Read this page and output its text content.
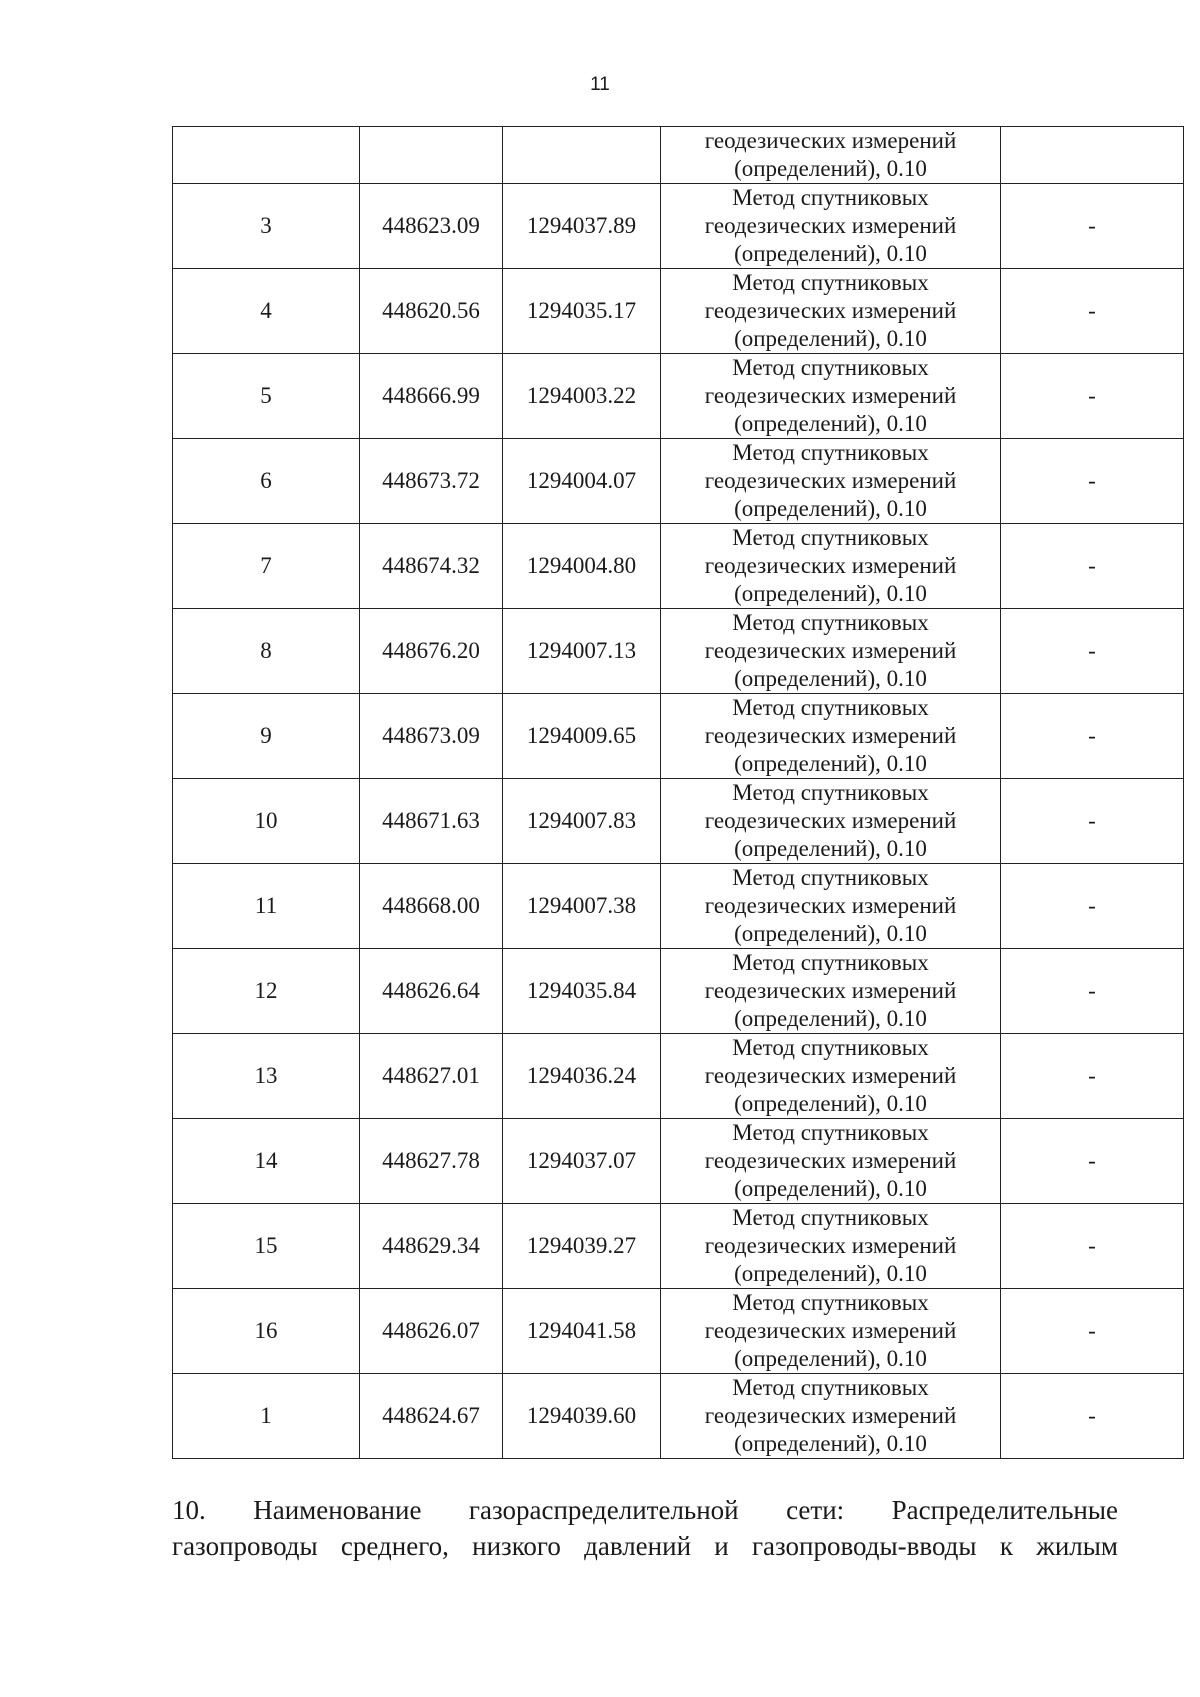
11

			геодезических измерений
(определений), 0.10	

3	448623.09	1294037.89	Метод спутниковых
геодезических измерений
(определений), 0.10	-
4	448620.56	1294035.17	Метод спутниковых
геодезических измерений
(определений), 0.10	-
5	448666.99	1294003.22	Метод спутниковых
геодезических измерений
(определений), 0.10	-
6	448673.72	1294004.07	Метод спутниковых
геодезических измерений
(определений), 0.10	-
7	448674.32	1294004.80	Метод спутниковых
геодезических измерений
(определений), 0.10	-
8	448676.20	1294007.13	Метод спутниковых
геодезических измерений
(определений), 0.10	-
9	448673.09	1294009.65	Метод спутниковых
геодезических измерений
(определений), 0.10	-
10	448671.63	1294007.83	Метод спутниковых
геодезических измерений
(определений), 0.10	-
11	448668.00	1294007.38	Метод спутниковых
геодезических измерений
(определений), 0.10	-
12	448626.64	1294035.84	Метод спутниковых
геодезических измерений
(определений), 0.10	-
13	448627.01	1294036.24	Метод спутниковых
геодезических измерений
(определений), 0.10	-
14	448627.78	1294037.07	Метод спутниковых
геодезических измерений
(определений), 0.10	-
15	448629.34	1294039.27	Метод спутниковых
геодезических измерений
(определений), 0.10	-
16	448626.07	1294041.58	Метод спутниковых
геодезических измерений
(определений), 0.10	-
1	448624.67	1294039.60	Метод спутниковых
геодезических измерений
(определений), 0.10	-
10. Наименование газораспределительной сети: Распределительные
газопроводы среднего, низкого давлений и газопроводы-вводы к жилым
